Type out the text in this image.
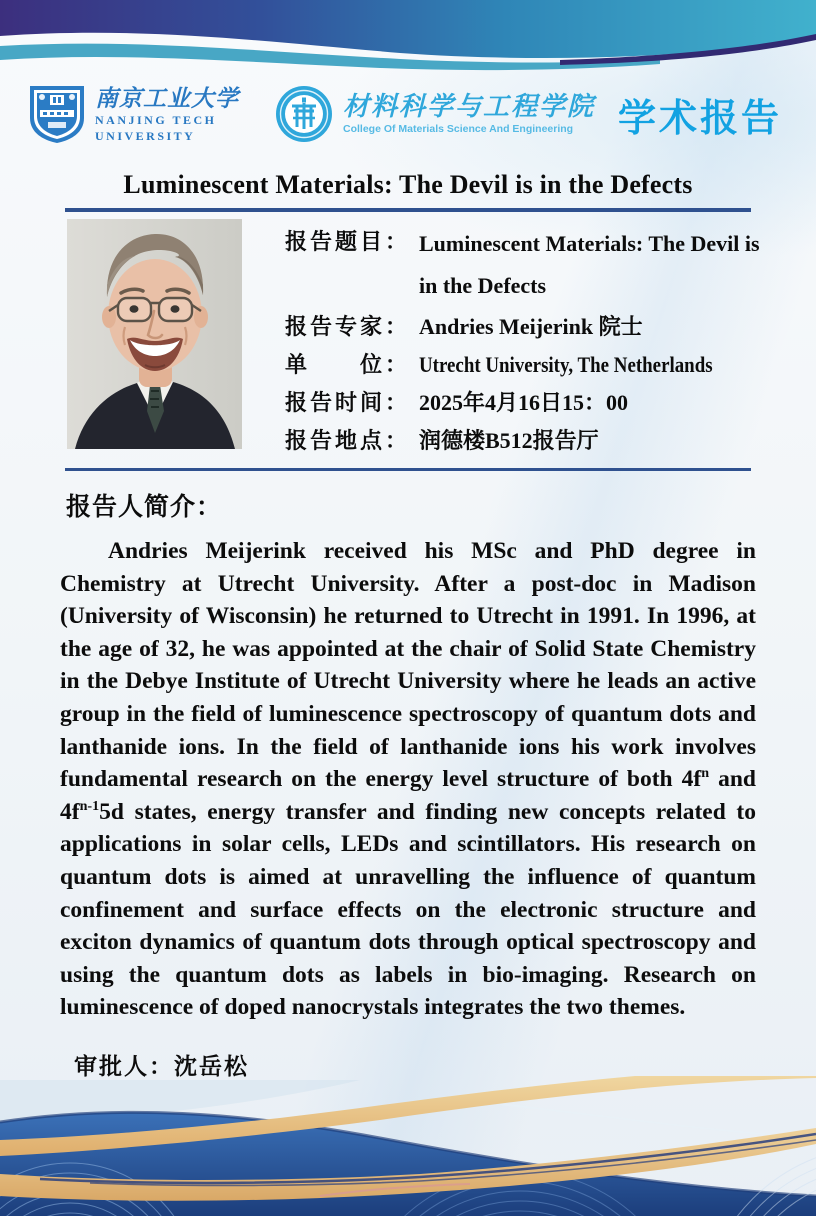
南京工业大学
NANJING TECH
UNIVERSITY
材料科学与工程学院
College Of Materials Science And Engineering	学术报告
Luminescent Materials: The Devil is in the Defects
报告题目： Luminescent Materials: The Devil is in the Defects
报告专家： Andries Meijerink 院士
单　　位： Utrecht University, The Netherlands
报告时间： 2025年4月16日15：00
报告地点： 润德楼B512报告厅
报告人简介：

Andries Meijerink received his MSc and PhD degree in Chemistry at Utrecht University. After a post-doc in Madison (University of Wisconsin) he returned to Utrecht in 1991. In 1996, at the age of 32, he was appointed at the chair of Solid State Chemistry in the Debye Institute of Utrecht University where he leads an active group in the field of luminescence spectroscopy of quantum dots and lanthanide ions. In the field of lanthanide ions his work involves fundamental research on the energy level structure of both $4f^n$ and $4f^{n-1}5d$ states, energy transfer and finding new concepts related to applications in solar cells, LEDs and scintillators. His research on quantum dots is aimed at unravelling the influence of quantum confinement and surface effects on the electronic structure and exciton dynamics of quantum dots through optical spectroscopy and using the quantum dots as labels in bio-imaging. Research on luminescence of doped nanocrystals integrates the two themes.

审批人：沈岳松
